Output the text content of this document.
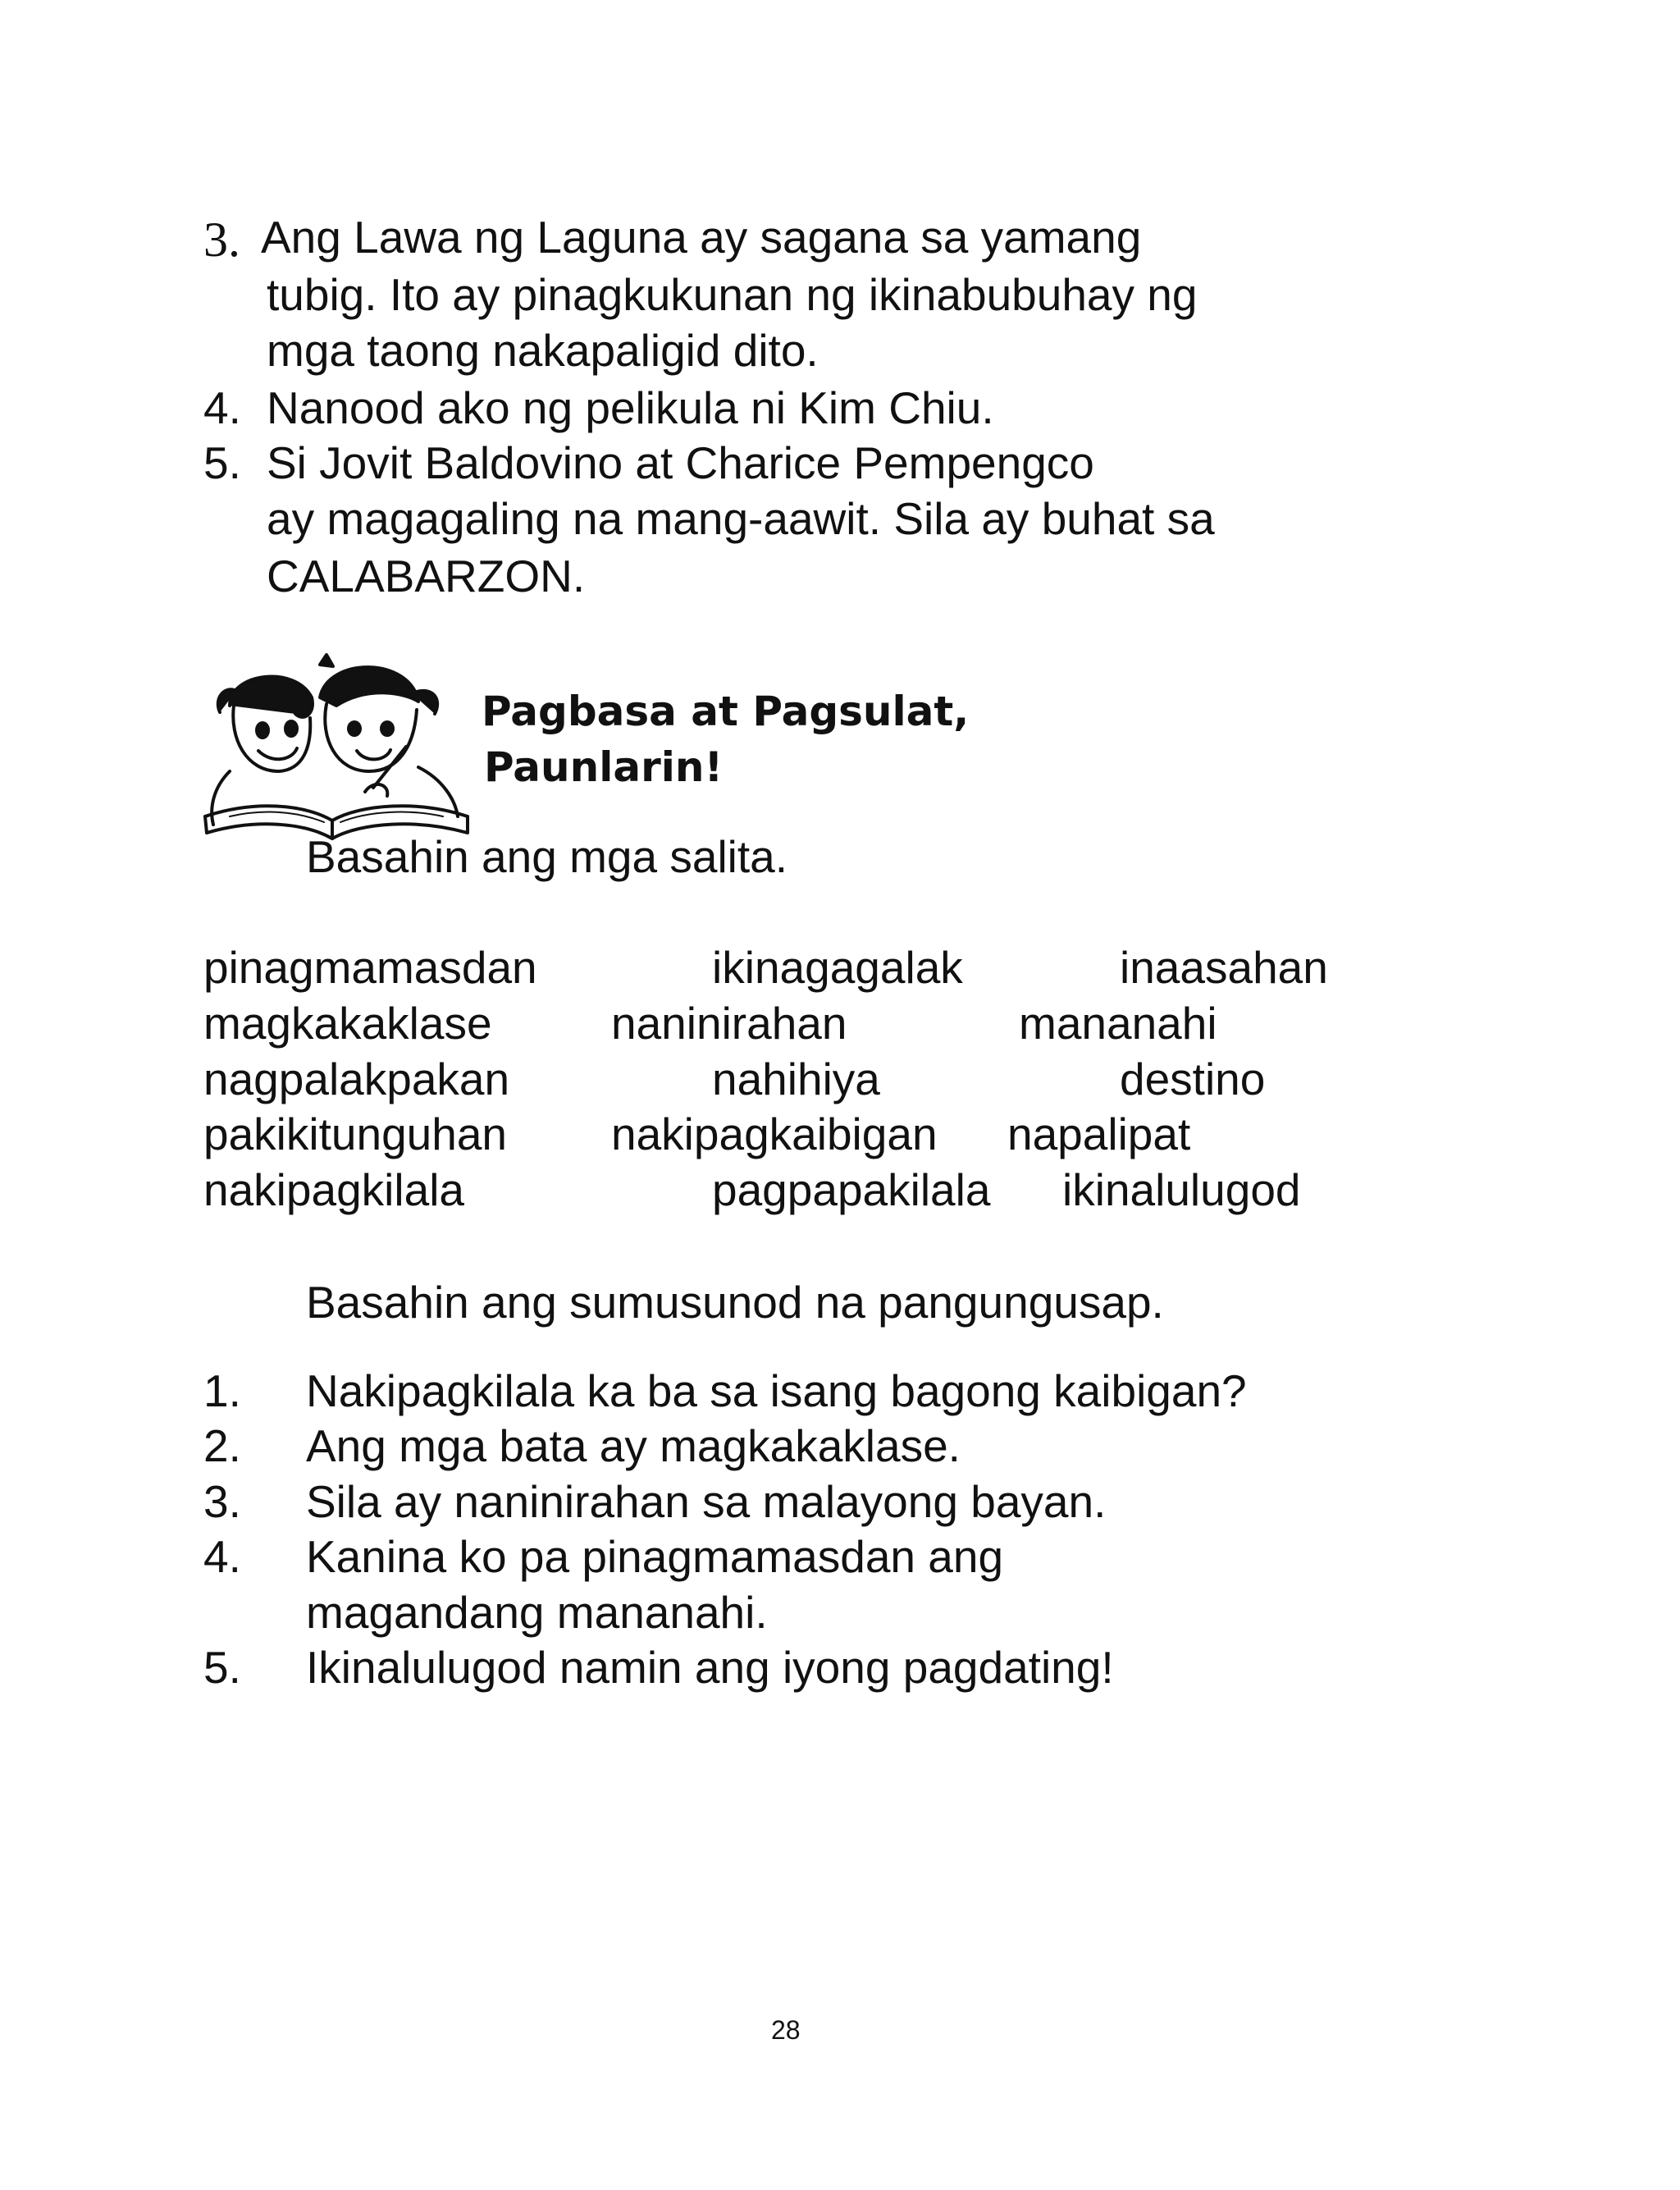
3. Ang Lawa ng Laguna ay sagana sa yamang
tubig. Ito ay pinagkukunan ng ikinabubuhay ng
mga taong nakapaligid dito.
4. Nanood ako ng pelikula ni Kim Chiu.
5. Si Jovit Baldovino at Charice Pempengco
ay magagaling na mang-aawit. Sila ay buhat sa
CALABARZON.
Pagbasa at Pagsulat,
Paunlarin!
Basahin ang mga salita.
pinagmamasdan	ikinagagalak	inaasahan
magkakaklase	naninirahan	mananahi
nagpalakpakan	nahihiya	destino
pakikitunguhan nakipagkaibigan napalipat
nakipagkilala	pagpapakilala ikinalulugod
Basahin ang sumusunod na pangungusap.
1. Nakipagkilala ka ba sa isang bagong kaibigan?
2. Ang mga bata ay magkakaklase.
3. Sila ay naninirahan sa malayong bayan.
4. Kanina ko pa pinagmamasdan ang
magandang mananahi.
5. Ikinalulugod namin ang iyong pagdating!
28
